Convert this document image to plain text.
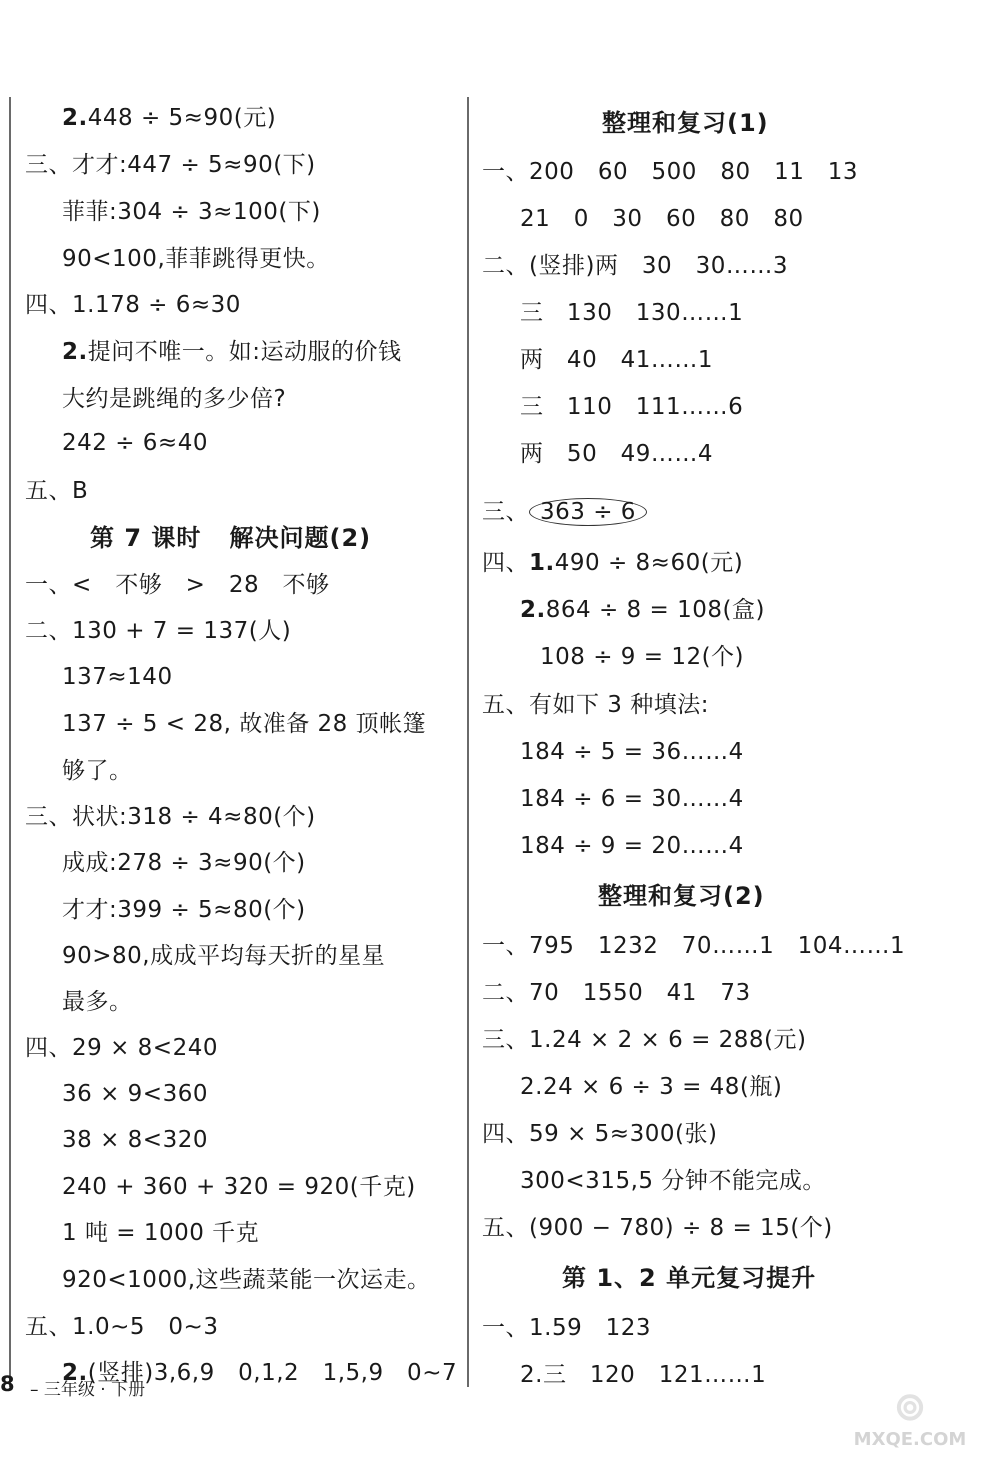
2.448 ÷ 5≈90(元)
三、才才:447 ÷ 5≈90(下)
菲菲:304 ÷ 3≈100(下)
90<100,菲菲跳得更快。
四、1.178 ÷ 6≈30
2.提问不唯一。如:运动服的价钱
大约是跳绳的多少倍?
242 ÷ 6≈40
五、B
第 7 课时   解决问题(2)
一、<   不够   >   28   不够
二、130 + 7 = 137(人)
137≈140
137 ÷ 5 < 28, 故准备 28 顶帐篷
够了。
三、状状:318 ÷ 4≈80(个)
成成:278 ÷ 3≈90(个)
才才:399 ÷ 5≈80(个)
90>80,成成平均每天折的星星
最多。
四、29 × 8<240
36 × 9<360
38 × 8<320
240 + 360 + 320 = 920(千克)
1 吨 = 1000 千克
920<1000,这些蔬菜能一次运走。
五、1.0~5   0~3
2.(竖排)3,6,9   0,1,2   1,5,9   0~7
整理和复习(1)
一、200   60   500   80   11   13
21   0   30   60   80   80
二、(竖排)两   30   30……3
三   130   130……1
两   40   41……1
三   110   111……6
两   50   49……4
三、 363 ÷ 6
四、1.490 ÷ 8≈60(元)
2.864 ÷ 8 = 108(盒)
108 ÷ 9 = 12(个)
五、有如下 3 种填法:
184 ÷ 5 = 36……4
184 ÷ 6 = 30……4
184 ÷ 9 = 20……4
整理和复习(2)
一、795   1232   70……1   104……1
二、70   1550   41   73
三、1.24 × 2 × 6 = 288(元)
2.24 × 6 ÷ 3 = 48(瓶)
四、59 × 5≈300(张)
300<315,5 分钟不能完成。
五、(900 − 780) ÷ 8 = 15(个)
第 1、2 单元复习提升
一、1.59   123
2.三   120   121……1
8 – 三年级 · 下册	⊚
MXQE.COM
